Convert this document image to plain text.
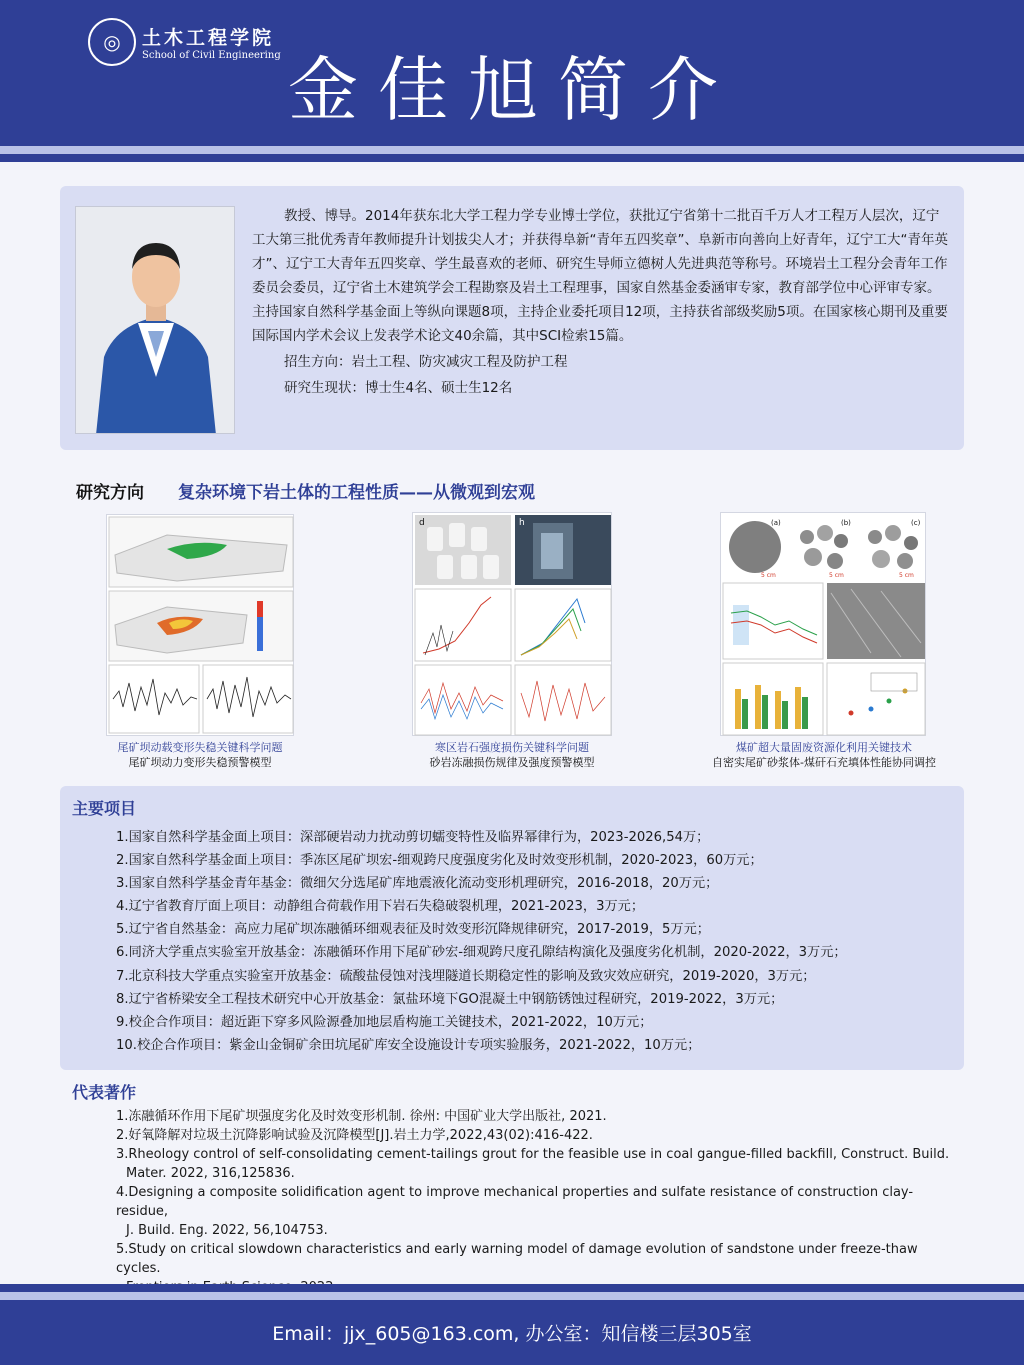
◎	土木工程学院
School of Civil Engineering 金佳旭简介

教授、博导。2014年获东北大学工程力学专业博士学位，获批辽宁省第十二批百千万人才工程万人层次，辽宁工大第三批优秀青年教师提升计划拔尖人才；并获得阜新“青年五四奖章”、阜新市向善向上好青年，辽宁工大“青年英才”、辽宁工大青年五四奖章、学生最喜欢的老师、研究生导师立德树人先进典范等称号。环境岩土工程分会青年工作委员会委员，辽宁省土木建筑学会工程勘察及岩土工程理事，国家自然基金委涵审专家，教育部学位中心评审专家。主持国家自然科学基金面上等纵向课题8项，主持企业委托项目12项，主持获省部级奖励5项。在国家核心期刊及重要国际国内学术会议上发表学术论文40余篇，其中SCI检索15篇。

招生方向：岩土工程、防灾减灾工程及防护工程

研究生现状：博士生4名、硕士生12名

研究方向 复杂环境下岩土体的工程性质——从微观到宏观
尾矿坝动载变形失稳关键科学问题
尾矿坝动力变形失稳预警模型
d	h
寒区岩石强度损伤关键科学问题
砂岩冻融损伤规律及强度预警模型
(a)	(b)	(c)
5 cm	5 cm	5 cm
煤矿超大量固废资源化利用关键技术
自密实尾矿砂浆体-煤矸石充填体性能协同调控
主要项目
1.国家自然科学基金面上项目：深部硬岩动力扰动剪切蠕变特性及临界幂律行为，2023-2026,54万；
2.国家自然科学基金面上项目：季冻区尾矿坝宏-细观跨尺度强度劣化及时效变形机制，2020-2023，60万元；
3.国家自然科学基金青年基金：微细欠分选尾矿库地震液化流动变形机理研究，2016-2018，20万元；
4.辽宁省教育厅面上项目：动静组合荷载作用下岩石失稳破裂机理，2021-2023，3万元；
5.辽宁省自然基金：高应力尾矿坝冻融循环细观表征及时效变形沉降规律研究，2017-2019，5万元；
6.同济大学重点实验室开放基金：冻融循环作用下尾矿砂宏-细观跨尺度孔隙结构演化及强度劣化机制，2020-2022，3万元；
7.北京科技大学重点实验室开放基金：硫酸盐侵蚀对浅埋隧道长期稳定性的影响及致灾效应研究，2019-2020，3万元；
8.辽宁省桥梁安全工程技术研究中心开放基金：氯盐环境下GO混凝土中钢筋锈蚀过程研究，2019-2022，3万元；
9.校企合作项目：超近距下穿多风险源叠加地层盾构施工关键技术，2021-2022，10万元；
10.校企合作项目：紫金山金铜矿余田坑尾矿库安全设施设计专项实验服务，2021-2022，10万元；
代表著作
1.冻融循环作用下尾矿坝强度劣化及时效变形机制. 徐州: 中国矿业大学出版社, 2021.
2.好氧降解对垃圾土沉降影响试验及沉降模型[J].岩土力学,2022,43(02):416-422.
3.Rheology control of self-consolidating cement-tailings grout for the feasible use in coal gangue-filled backfill, Construct. Build.
Mater. 2022, 316,125836.
4.Designing a composite solidification agent to improve mechanical properties and sulfate resistance of construction clay-residue,
J. Build. Eng. 2022, 56,104753.
5.Study on critical slowdown characteristics and early warning model of damage evolution of sandstone under freeze-thaw cycles.
Email：jjx_605@163.com, 办公室：知信楼三层305室
